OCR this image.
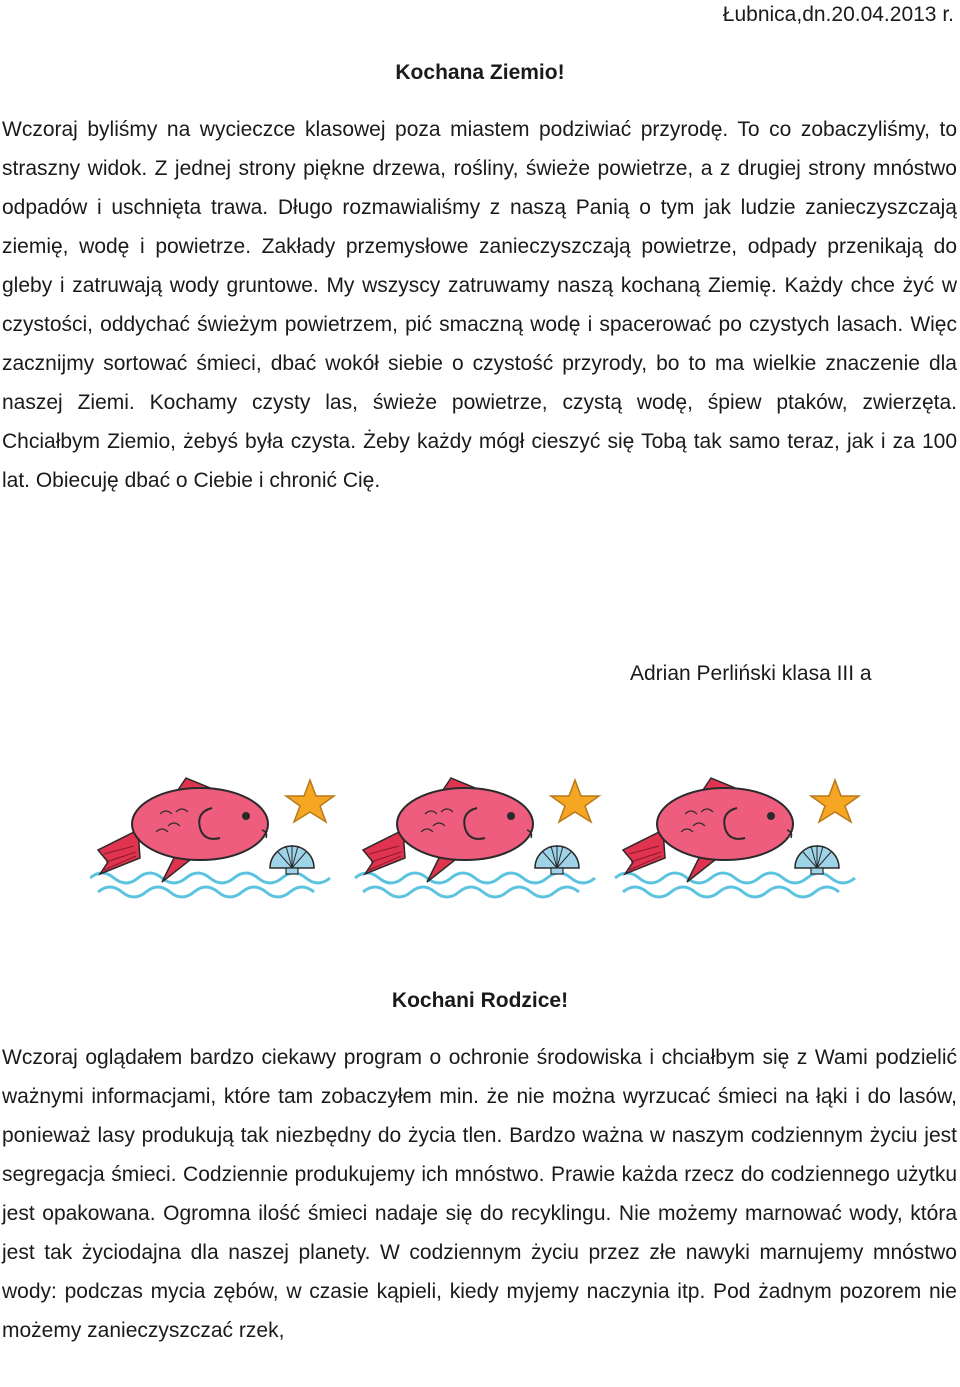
Łubnica,dn.20.04.2013 r.
Kochana Ziemio!
Wczoraj byliśmy na wycieczce klasowej poza miastem podziwiać przyrodę. To co zobaczyliśmy, to straszny widok. Z jednej strony piękne drzewa, rośliny, świeże powietrze, a z drugiej strony mnóstwo odpadów i uschnięta trawa. Długo rozmawialiśmy z naszą Panią o tym jak ludzie zanieczyszczają ziemię, wodę i powietrze. Zakłady przemysłowe zanieczyszczają powietrze, odpady przenikają do gleby i zatruwają wody gruntowe. My wszyscy zatruwamy naszą kochaną Ziemię. Każdy chce żyć w czystości, oddychać świeżym powietrzem, pić smaczną wodę i spacerować po czystych lasach. Więc zacznijmy sortować śmieci, dbać wokół siebie o czystość przyrody, bo to ma wielkie znaczenie dla naszej Ziemi. Kochamy czysty las, świeże powietrze, czystą wodę, śpiew ptaków, zwierzęta. Chciałbym Ziemio, żebyś była czysta. Żeby każdy mógł cieszyć się Tobą tak samo teraz, jak i za 100 lat. Obiecuję dbać o Ciebie i chronić Cię.
Adrian Perliński klasa III a
Kochani Rodzice!
Wczoraj oglądałem bardzo ciekawy program o ochronie środowiska i chciałbym się z Wami podzielić ważnymi informacjami, które tam zobaczyłem min. że nie można wyrzucać śmieci na łąki i do lasów, ponieważ lasy produkują tak niezbędny do życia tlen. Bardzo ważna w naszym codziennym życiu jest segregacja śmieci. Codziennie produkujemy ich mnóstwo. Prawie każda rzecz do codziennego użytku jest opakowana. Ogromna ilość śmieci nadaje się do recyklingu. Nie możemy marnować wody, która jest tak życiodajna dla naszej planety. W codziennym życiu przez złe nawyki marnujemy mnóstwo wody: podczas mycia zębów, w czasie kąpieli, kiedy myjemy naczynia itp. Pod żadnym pozorem nie możemy zanieczyszczać rzek,
